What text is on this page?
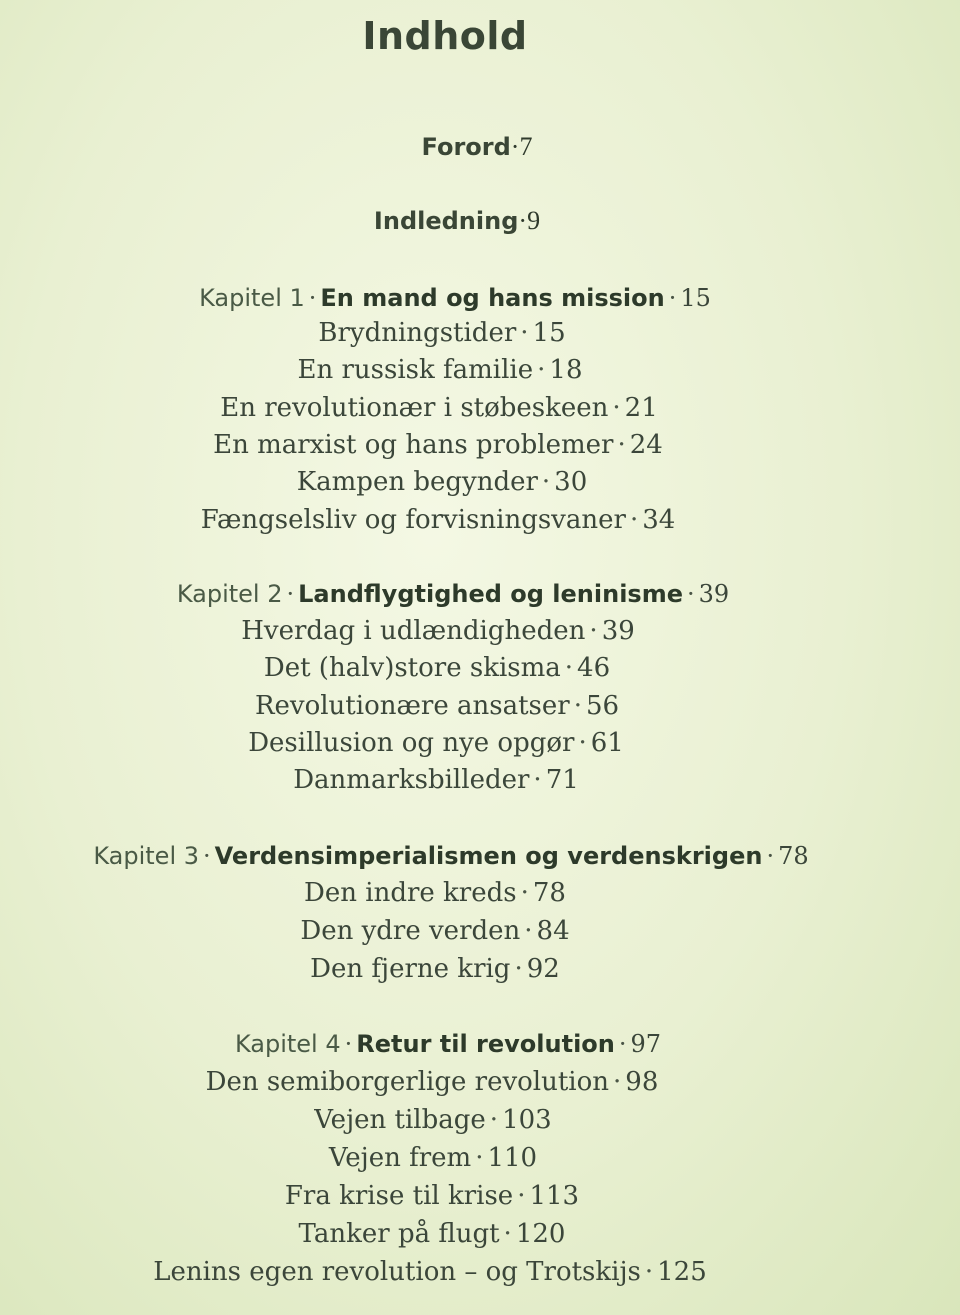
Indhold
Forord·7
Indledning·9
Kapitel 1 · En mand og hans mission · 15
Brydningstider · 15
En russisk familie · 18
En revolutionær i støbeskeen · 21
En marxist og hans problemer · 24
Kampen begynder · 30
Fængselsliv og forvisningsvaner · 34
Kapitel 2 · Landflygtighed og leninisme · 39
Hverdag i udlændigheden · 39
Det (halv)store skisma · 46
Revolutionære ansatser · 56
Desillusion og nye opgør · 61
Danmarksbilleder · 71
Kapitel 3 · Verdensimperialismen og verdenskrigen · 78
Den indre kreds · 78
Den ydre verden · 84
Den fjerne krig · 92
Kapitel 4 · Retur til revolution · 97
Den semiborgerlige revolution · 98
Vejen tilbage · 103
Vejen frem · 110
Fra krise til krise · 113
Tanker på flugt · 120
Lenins egen revolution – og Trotskijs · 125
